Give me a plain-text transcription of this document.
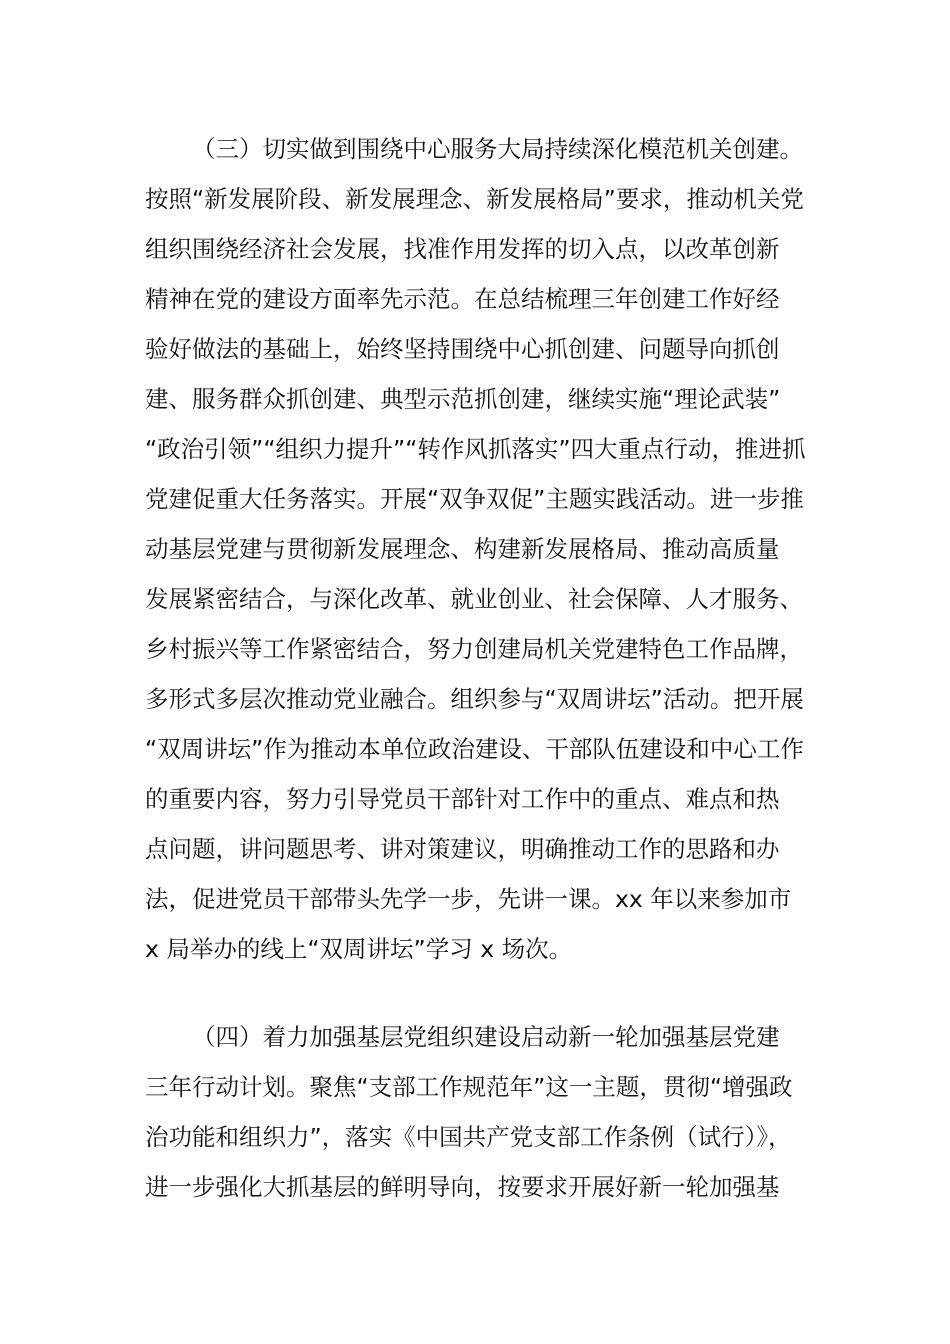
（三）切实做到围绕中心服务大局持续深化模范机关创建。
按照“新发展阶段、新发展理念、新发展格局”要求，推动机关党
组织围绕经济社会发展，找准作用发挥的切入点，以改革创新
精神在党的建设方面率先示范。在总结梳理三年创建工作好经
验好做法的基础上，始终坚持围绕中心抓创建、问题导向抓创
建、服务群众抓创建、典型示范抓创建，继续实施“理论武装”
“政治引领”“组织力提升”“转作风抓落实”四大重点行动，推进抓
党建促重大任务落实。开展“双争双促”主题实践活动。进一步推
动基层党建与贯彻新发展理念、构建新发展格局、推动高质量
发展紧密结合，与深化改革、就业创业、社会保障、人才服务、
乡村振兴等工作紧密结合，努力创建局机关党建特色工作品牌，
多形式多层次推动党业融合。组织参与“双周讲坛”活动。把开展
“双周讲坛”作为推动本单位政治建设、干部队伍建设和中心工作
的重要内容，努力引导党员干部针对工作中的重点、难点和热
点问题，讲问题思考、讲对策建议，明确推动工作的思路和办
法，促进党员干部带头先学一步，先讲一课。xx 年以来参加市
x 局举办的线上“双周讲坛”学习 x 场次。
（四）着力加强基层党组织建设启动新一轮加强基层党建
三年行动计划。聚焦“支部工作规范年”这一主题，贯彻“增强政
治功能和组织力”，落实《中国共产党支部工作条例（试行）》，
进一步强化大抓基层的鲜明导向，按要求开展好新一轮加强基
